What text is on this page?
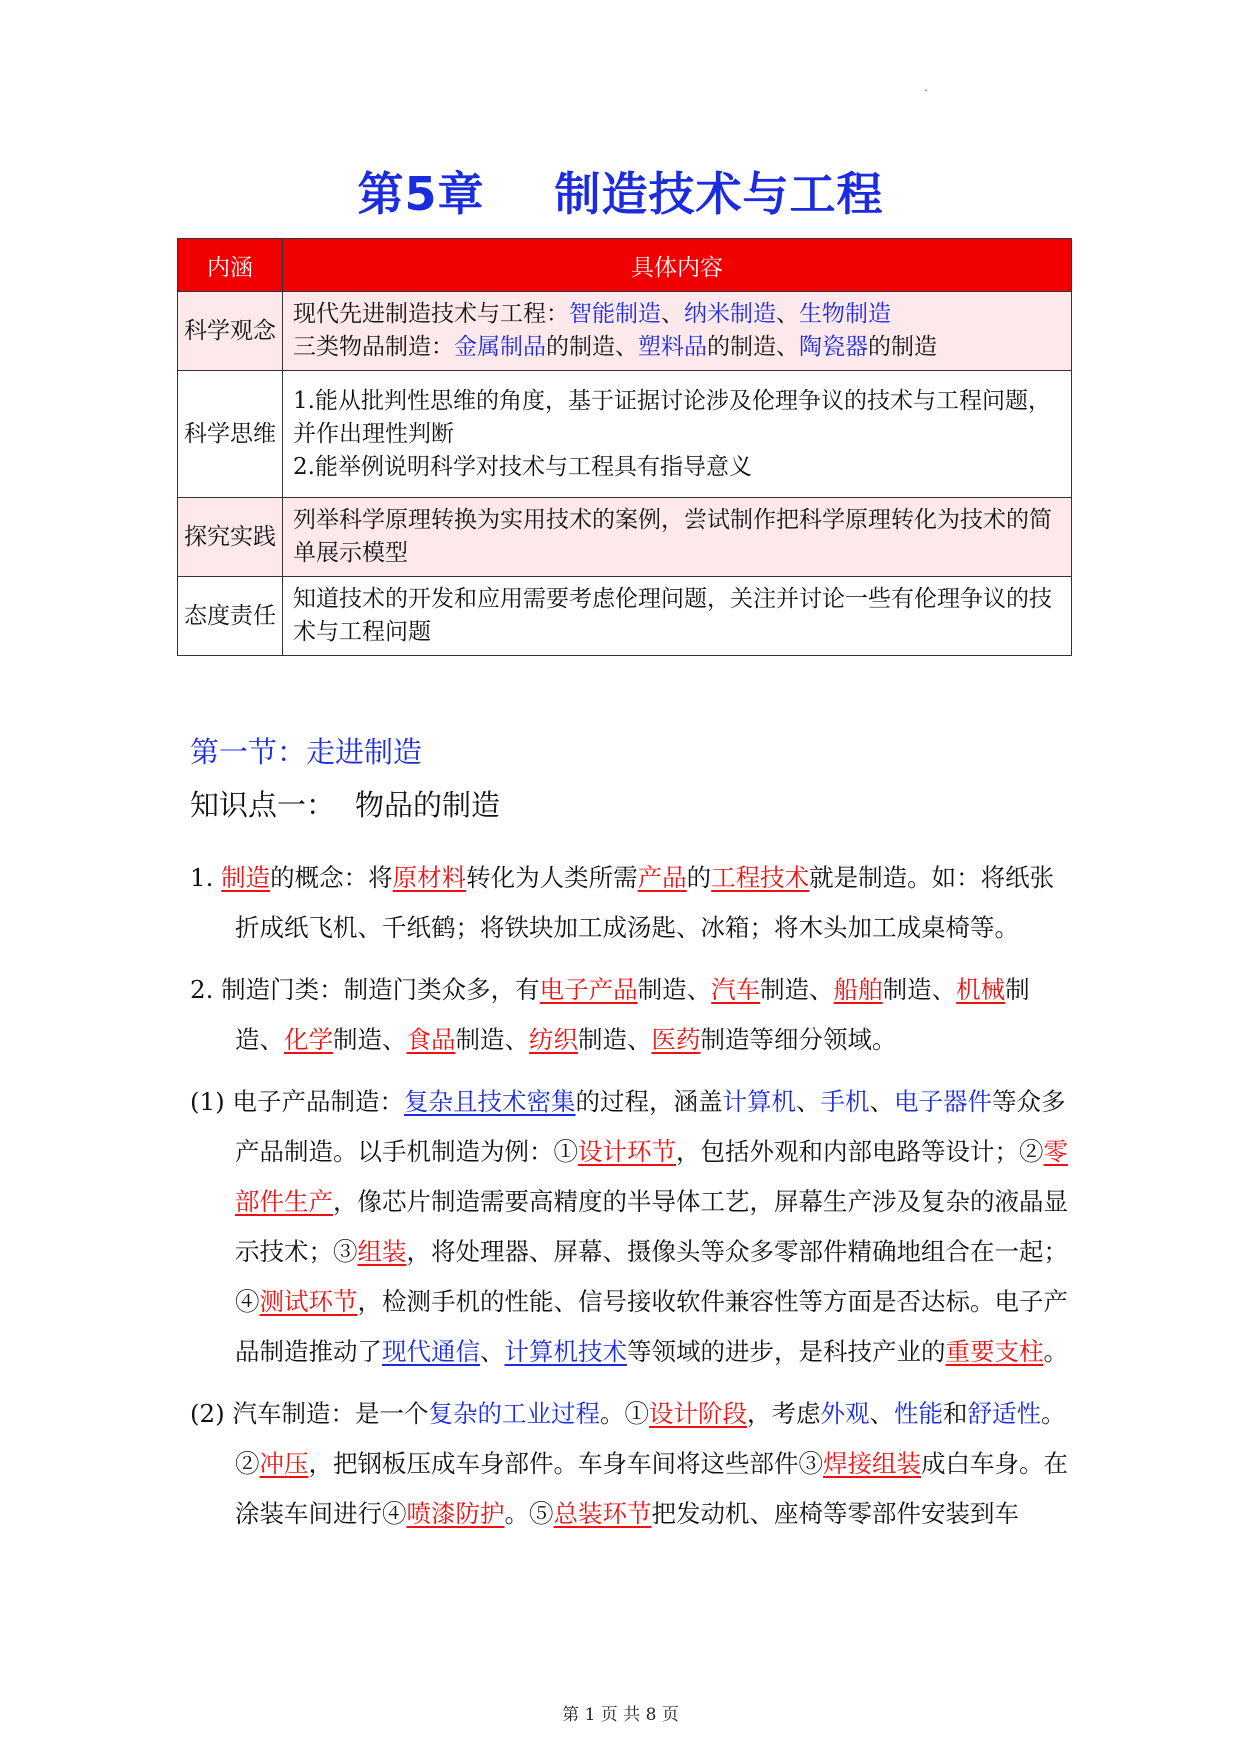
.
第5章 制造技术与工程
内涵	具体内容
科学观念	现代先进制造技术与工程：智能制造、纳米制造、生物制造
三类物品制造：金属制品的制造、塑料品的制造、陶瓷器的制造

科学思维	1.能从批判性思维的角度，基于证据讨论涉及伦理争议的技术与工程问题，并作出理性判断
2.能举例说明科学对技术与工程具有指导意义

探究实践	列举科学原理转换为实用技术的案例，尝试制作把科学原理转化为技术的简单展示模型
态度责任	知道技术的开发和应用需要考虑伦理问题，关注并讨论一些有伦理争议的技术与工程问题
第一节：走进制造
知识点一： 物品的制造
1. 制造的概念：将原材料转化为人类所需产品的工程技术就是制造。如：将纸张折成纸飞机、千纸鹤；将铁块加工成汤匙、冰箱；将木头加工成桌椅等。
2. 制造门类：制造门类众多，有电子产品制造、汽车制造、船舶制造、机械制造、化学制造、食品制造、纺织制造、医药制造等细分领域。
(1) 电子产品制造：复杂且技术密集的过程，涵盖计算机、手机、电子器件等众多产品制造。以手机制造为例：①设计环节，包括外观和内部电路等设计；②零部件生产，像芯片制造需要高精度的半导体工艺，屏幕生产涉及复杂的液晶显示技术；③组装，将处理器、屏幕、摄像头等众多零部件精确地组合在一起；④测试环节，检测手机的性能、信号接收软件兼容性等方面是否达标。电子产品制造推动了现代通信、计算机技术等领域的进步，是科技产业的重要支柱。
(2) 汽车制造：是一个复杂的工业过程。①设计阶段，考虑外观、性能和舒适性。②冲压，把钢板压成车身部件。车身车间将这些部件③焊接组装成白车身。在涂装车间进行④喷漆防护。⑤总装环节把发动机、座椅等零部件安装到车
第 1 页 共 8 页
